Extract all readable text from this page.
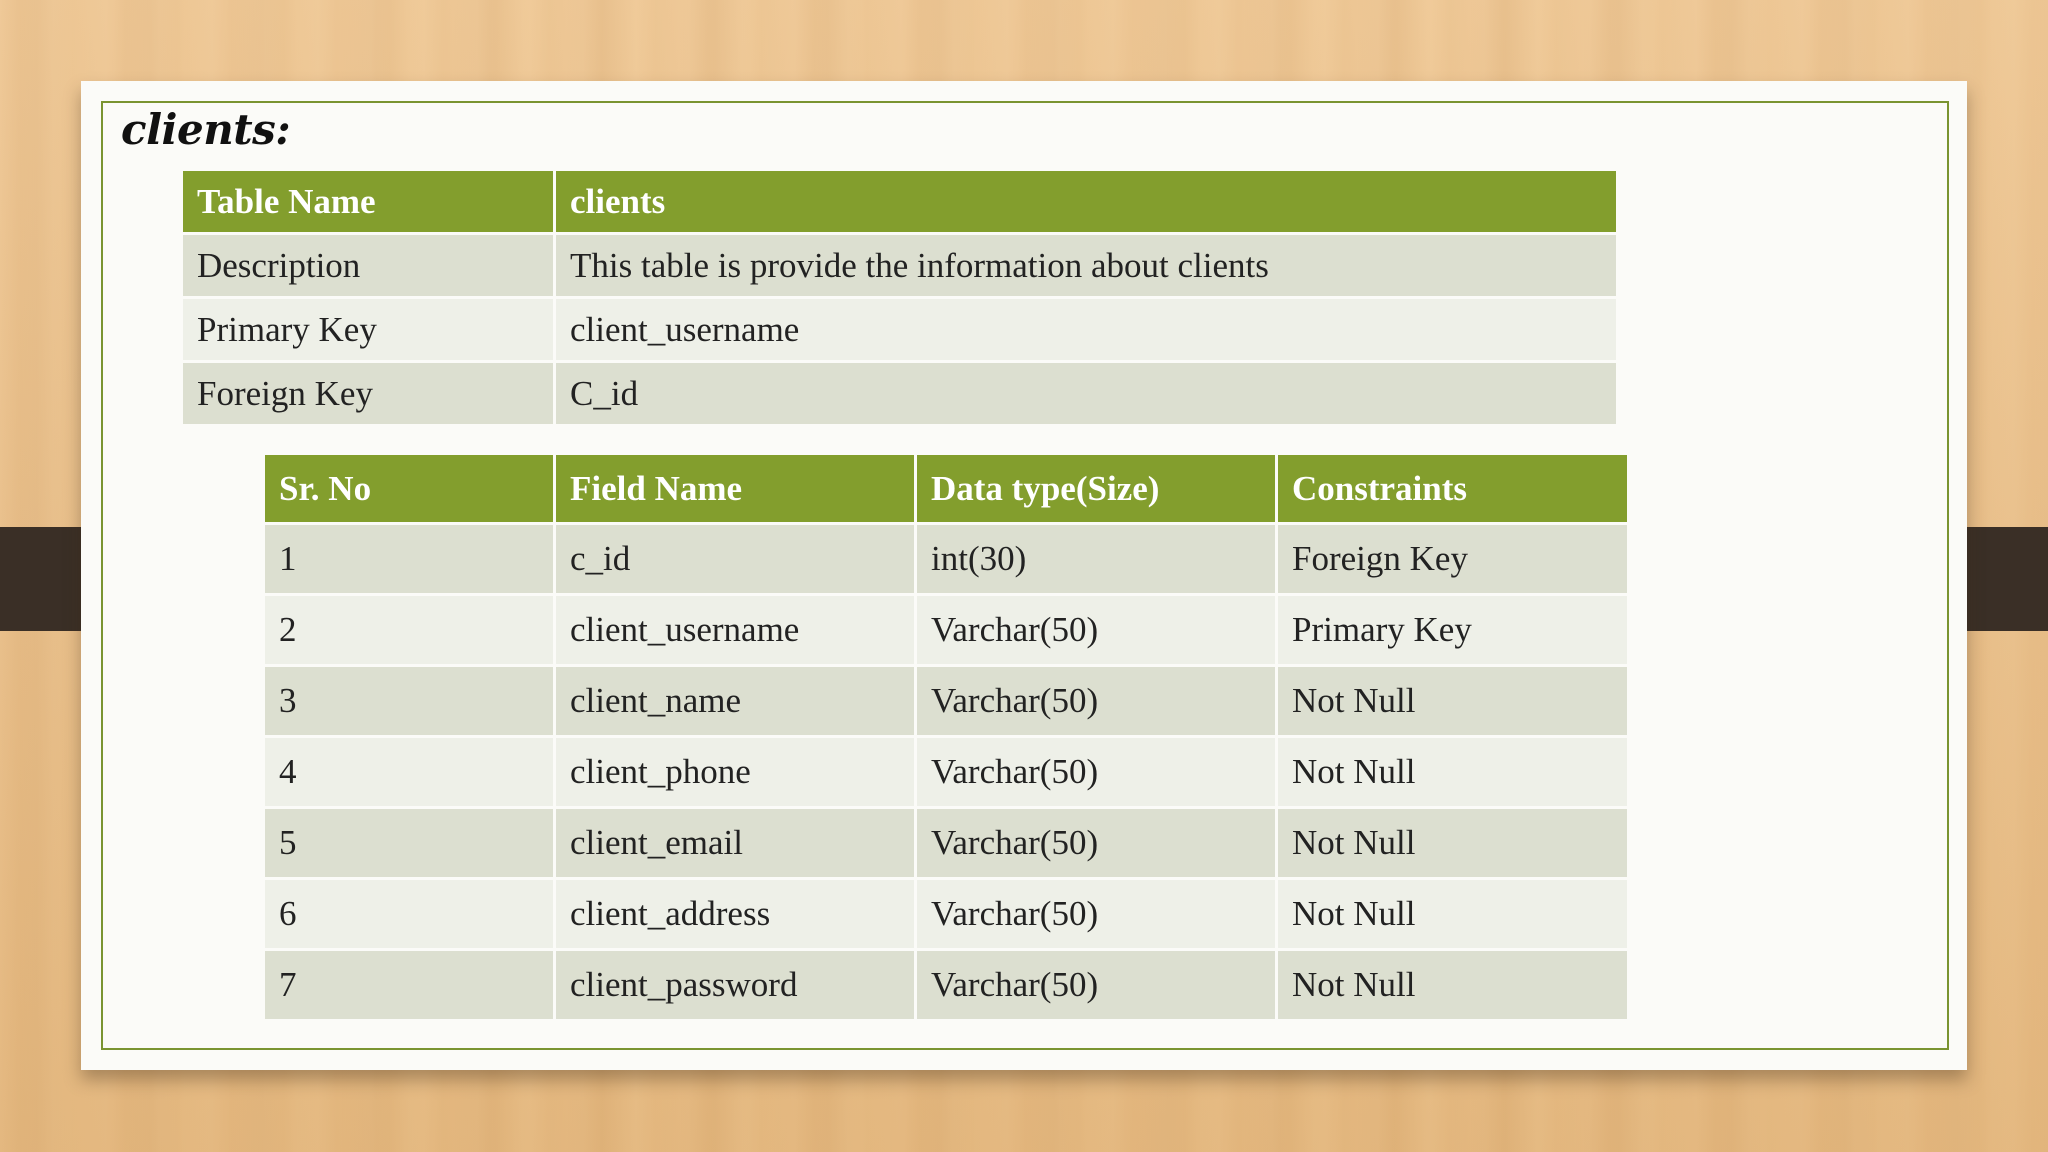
clients:
Table Name	clients
Description	This table is provide the information about clients
Primary Key	client_username
Foreign Key	C_id
Sr. No	Field Name	Data type(Size)	Constraints
1	c_id	int(30)	Foreign Key
2	client_username	Varchar(50)	Primary Key
3	client_name	Varchar(50)	Not Null
4	client_phone	Varchar(50)	Not Null
5	client_email	Varchar(50)	Not Null
6	client_address	Varchar(50)	Not Null
7	client_password	Varchar(50)	Not Null
